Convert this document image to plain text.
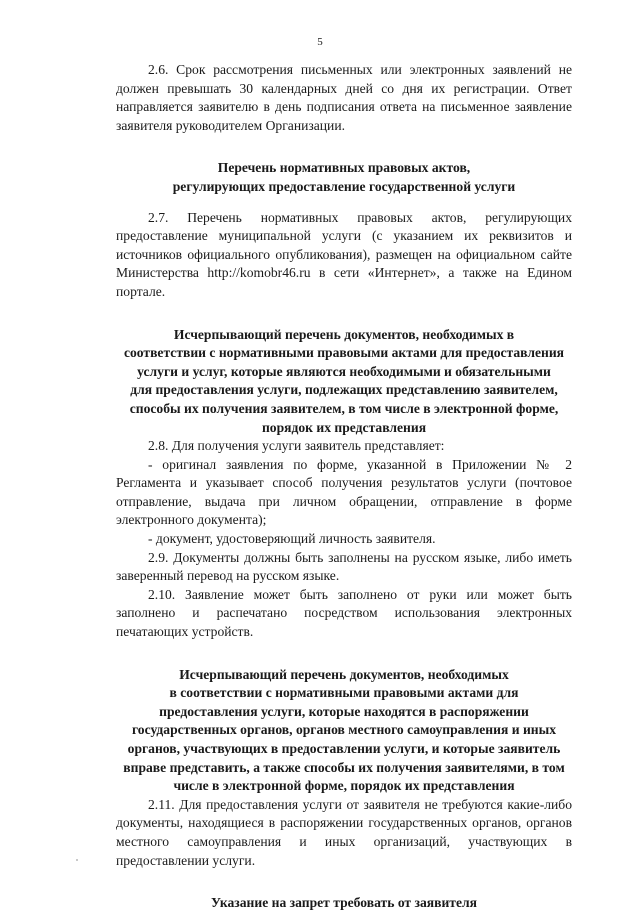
5

2.6. Срок рассмотрения письменных или электронных заявлений не должен превышать 30 календарных дней со дня их регистрации. Ответ направляется заявителю в день подписания ответа на письменное заявление заявителя руководителем Организации.

Перечень нормативных правовых актов,

регулирующих предоставление государственной услуги

2.7. Перечень нормативных правовых актов, регулирующих предоставление муниципальной услуги (с указанием их реквизитов и источников официального опубликования), размещен на официальном сайте Министерства http://komobr46.ru в сети «Интернет», а также на Едином портале.

Исчерпывающий перечень документов, необходимых в

соответствии с нормативными правовыми актами для предоставления

услуги и услуг, которые являются необходимыми и обязательными

для предоставления услуги, подлежащих представлению заявителем,

способы их получения заявителем, в том числе в электронной форме,

порядок их представления

2.8. Для получения услуги заявитель представляет:

- оригинал заявления по форме, указанной в Приложении № 2 Регламента и указывает способ получения результатов услуги (почтовое отправление, выдача при личном обращении, отправление в форме электронного документа);

- документ, удостоверяющий личность заявителя.

2.9. Документы должны быть заполнены на русском языке, либо иметь заверенный перевод на русском языке.

2.10. Заявление может быть заполнено от руки или может быть заполнено и распечатано посредством использования электронных печатающих устройств.

Исчерпывающий перечень документов, необходимых

в соответствии с нормативными правовыми актами для

предоставления услуги, которые находятся в распоряжении

государственных органов, органов местного самоуправления и иных

органов, участвующих в предоставлении услуги, и которые заявитель

вправе представить, а также способы их получения заявителями, в том

числе в электронной форме, порядок их представления

2.11. Для предоставления услуги от заявителя не требуются какие-либо документы, находящиеся в распоряжении государственных органов, органов местного самоуправления и иных организаций, участвующих в предоставлении услуги.

Указание на запрет требовать от заявителя
